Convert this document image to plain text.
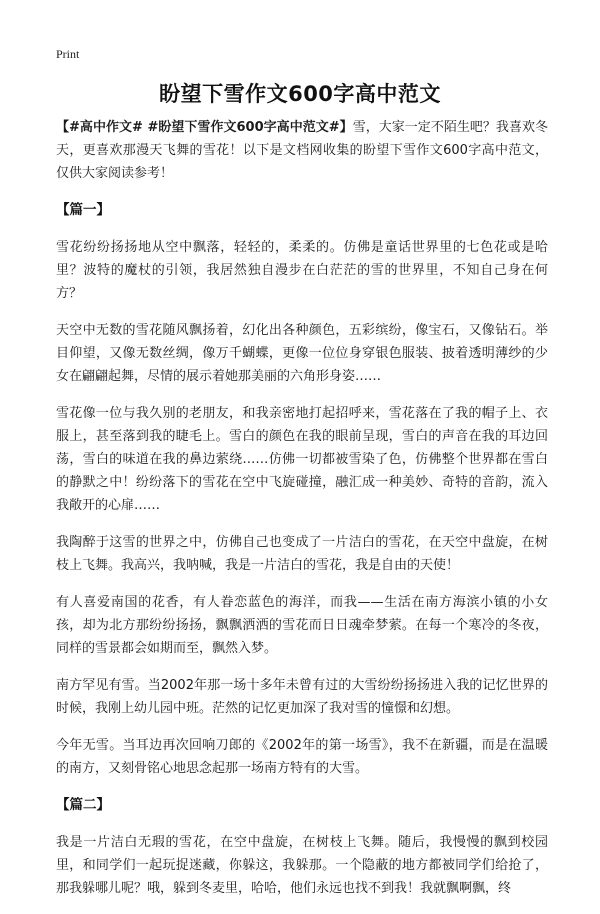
Print
盼望下雪作文600字高中范文

【#高中作文# #盼望下雪作文600字高中范文#】雪，大家一定不陌生吧？我喜欢冬天，更喜欢那漫天飞舞的雪花！以下是文档网收集的盼望下雪作文600字高中范文，仅供大家阅读参考！

【篇一】

雪花纷纷扬扬地从空中飘落，轻轻的，柔柔的。仿佛是童话世界里的七色花或是哈里？波特的魔杖的引领，我居然独自漫步在白茫茫的雪的世界里，不知自己身在何方？

天空中无数的雪花随风飘扬着，幻化出各种颜色，五彩缤纷，像宝石，又像钻石。举目仰望，又像无数丝绸，像万千蝴蝶，更像一位位身穿银色服装、披着透明薄纱的少女在翩翩起舞，尽情的展示着她那美丽的六角形身姿……

雪花像一位与我久别的老朋友，和我亲密地打起招呼来，雪花落在了我的帽子上、衣服上，甚至落到我的睫毛上。雪白的颜色在我的眼前呈现，雪白的声音在我的耳边回荡，雪白的味道在我的鼻边萦绕……仿佛一切都被雪染了色，仿佛整个世界都在雪白的静默之中！纷纷落下的雪花在空中飞旋碰撞，融汇成一种美妙、奇特的音韵，流入我敞开的心扉……

我陶醉于这雪的世界之中，仿佛自己也变成了一片洁白的雪花，在天空中盘旋，在树枝上飞舞。我高兴，我呐喊，我是一片洁白的雪花，我是自由的天使！

有人喜爱南国的花香，有人眷恋蓝色的海洋，而我——生活在南方海滨小镇的小女孩，却为北方那纷纷扬扬，飘飘洒洒的雪花而日日魂牵梦萦。在每一个寒冷的冬夜，同样的雪景都会如期而至，飘然入梦。

南方罕见有雪。当2002年那一场十多年未曾有过的大雪纷纷扬扬进入我的记忆世界的时候，我刚上幼儿园中班。茫然的记忆更加深了我对雪的憧憬和幻想。

今年无雪。当耳边再次回响刀郎的《2002年的第一场雪》，我不在新疆，而是在温暖的南方，又刻骨铭心地思念起那一场南方特有的大雪。

【篇二】

我是一片洁白无瑕的雪花，在空中盘旋，在树枝上飞舞。随后，我慢慢的飘到校园里，和同学们一起玩捉迷藏，你躲这，我躲那。一个隐蔽的地方都被同学们给抢了，那我躲哪儿呢？哦，躲到冬麦里，哈哈，他们永远也找不到我！我就飘啊飘，终
